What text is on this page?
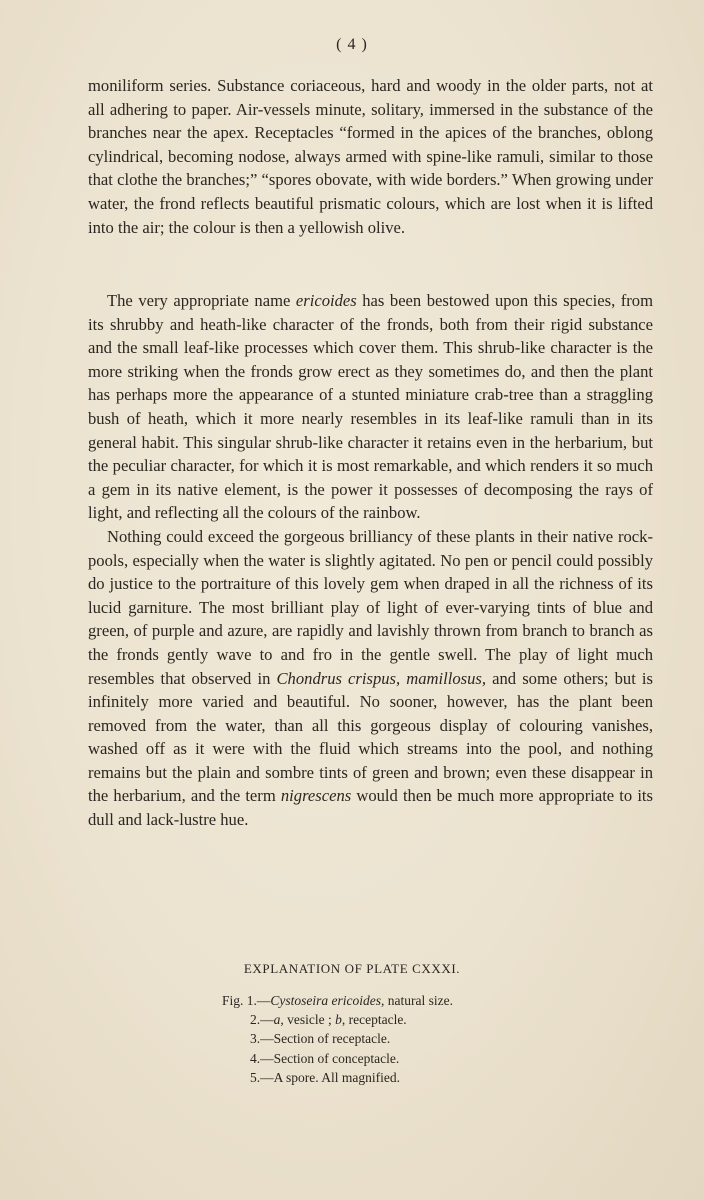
( 4 )

moniliform series. Substance coriaceous, hard and woody in the older parts, not at all adhering to paper. Air-vessels minute, solitary, immersed in the substance of the branches near the apex. Receptacles “formed in the apices of the branches, oblong cylindrical, becoming nodose, always armed with spine-like ramuli, similar to those that clothe the branches;” “spores obovate, with wide borders.” When growing under water, the frond reflects beautiful prismatic colours, which are lost when it is lifted into the air; the colour is then a yellowish olive.

The very appropriate name ericoides has been bestowed upon this species, from its shrubby and heath-like character of the fronds, both from their rigid substance and the small leaf-like processes which cover them. This shrub-like character is the more striking when the fronds grow erect as they sometimes do, and then the plant has perhaps more the appearance of a stunted miniature crab-tree than a straggling bush of heath, which it more nearly resembles in its leaf-like ramuli than in its general habit. This singular shrub-like character it retains even in the herbarium, but the peculiar character, for which it is most remarkable, and which renders it so much a gem in its native element, is the power it possesses of decomposing the rays of light, and reflecting all the colours of the rainbow.

Nothing could exceed the gorgeous brilliancy of these plants in their native rock-pools, especially when the water is slightly agitated. No pen or pencil could possibly do justice to the portraiture of this lovely gem when draped in all the richness of its lucid garniture. The most brilliant play of light of ever-varying tints of blue and green, of purple and azure, are rapidly and lavishly thrown from branch to branch as the fronds gently wave to and fro in the gentle swell. The play of light much resembles that observed in Chondrus crispus, mamillosus, and some others; but is infinitely more varied and beautiful. No sooner, however, has the plant been removed from the water, than all this gorgeous display of colouring vanishes, washed off as it were with the fluid which streams into the pool, and nothing remains but the plain and sombre tints of green and brown; even these disappear in the herbarium, and the term nigrescens would then be much more appropriate to its dull and lack-lustre hue.

EXPLANATION OF PLATE CXXXI.
Fig. 1.—Cystoseira ericoides, natural size.
2.—a, vesicle ; b, receptacle.
3.—Section of receptacle.
4.—Section of conceptacle.
5.—A spore. All magnified.
